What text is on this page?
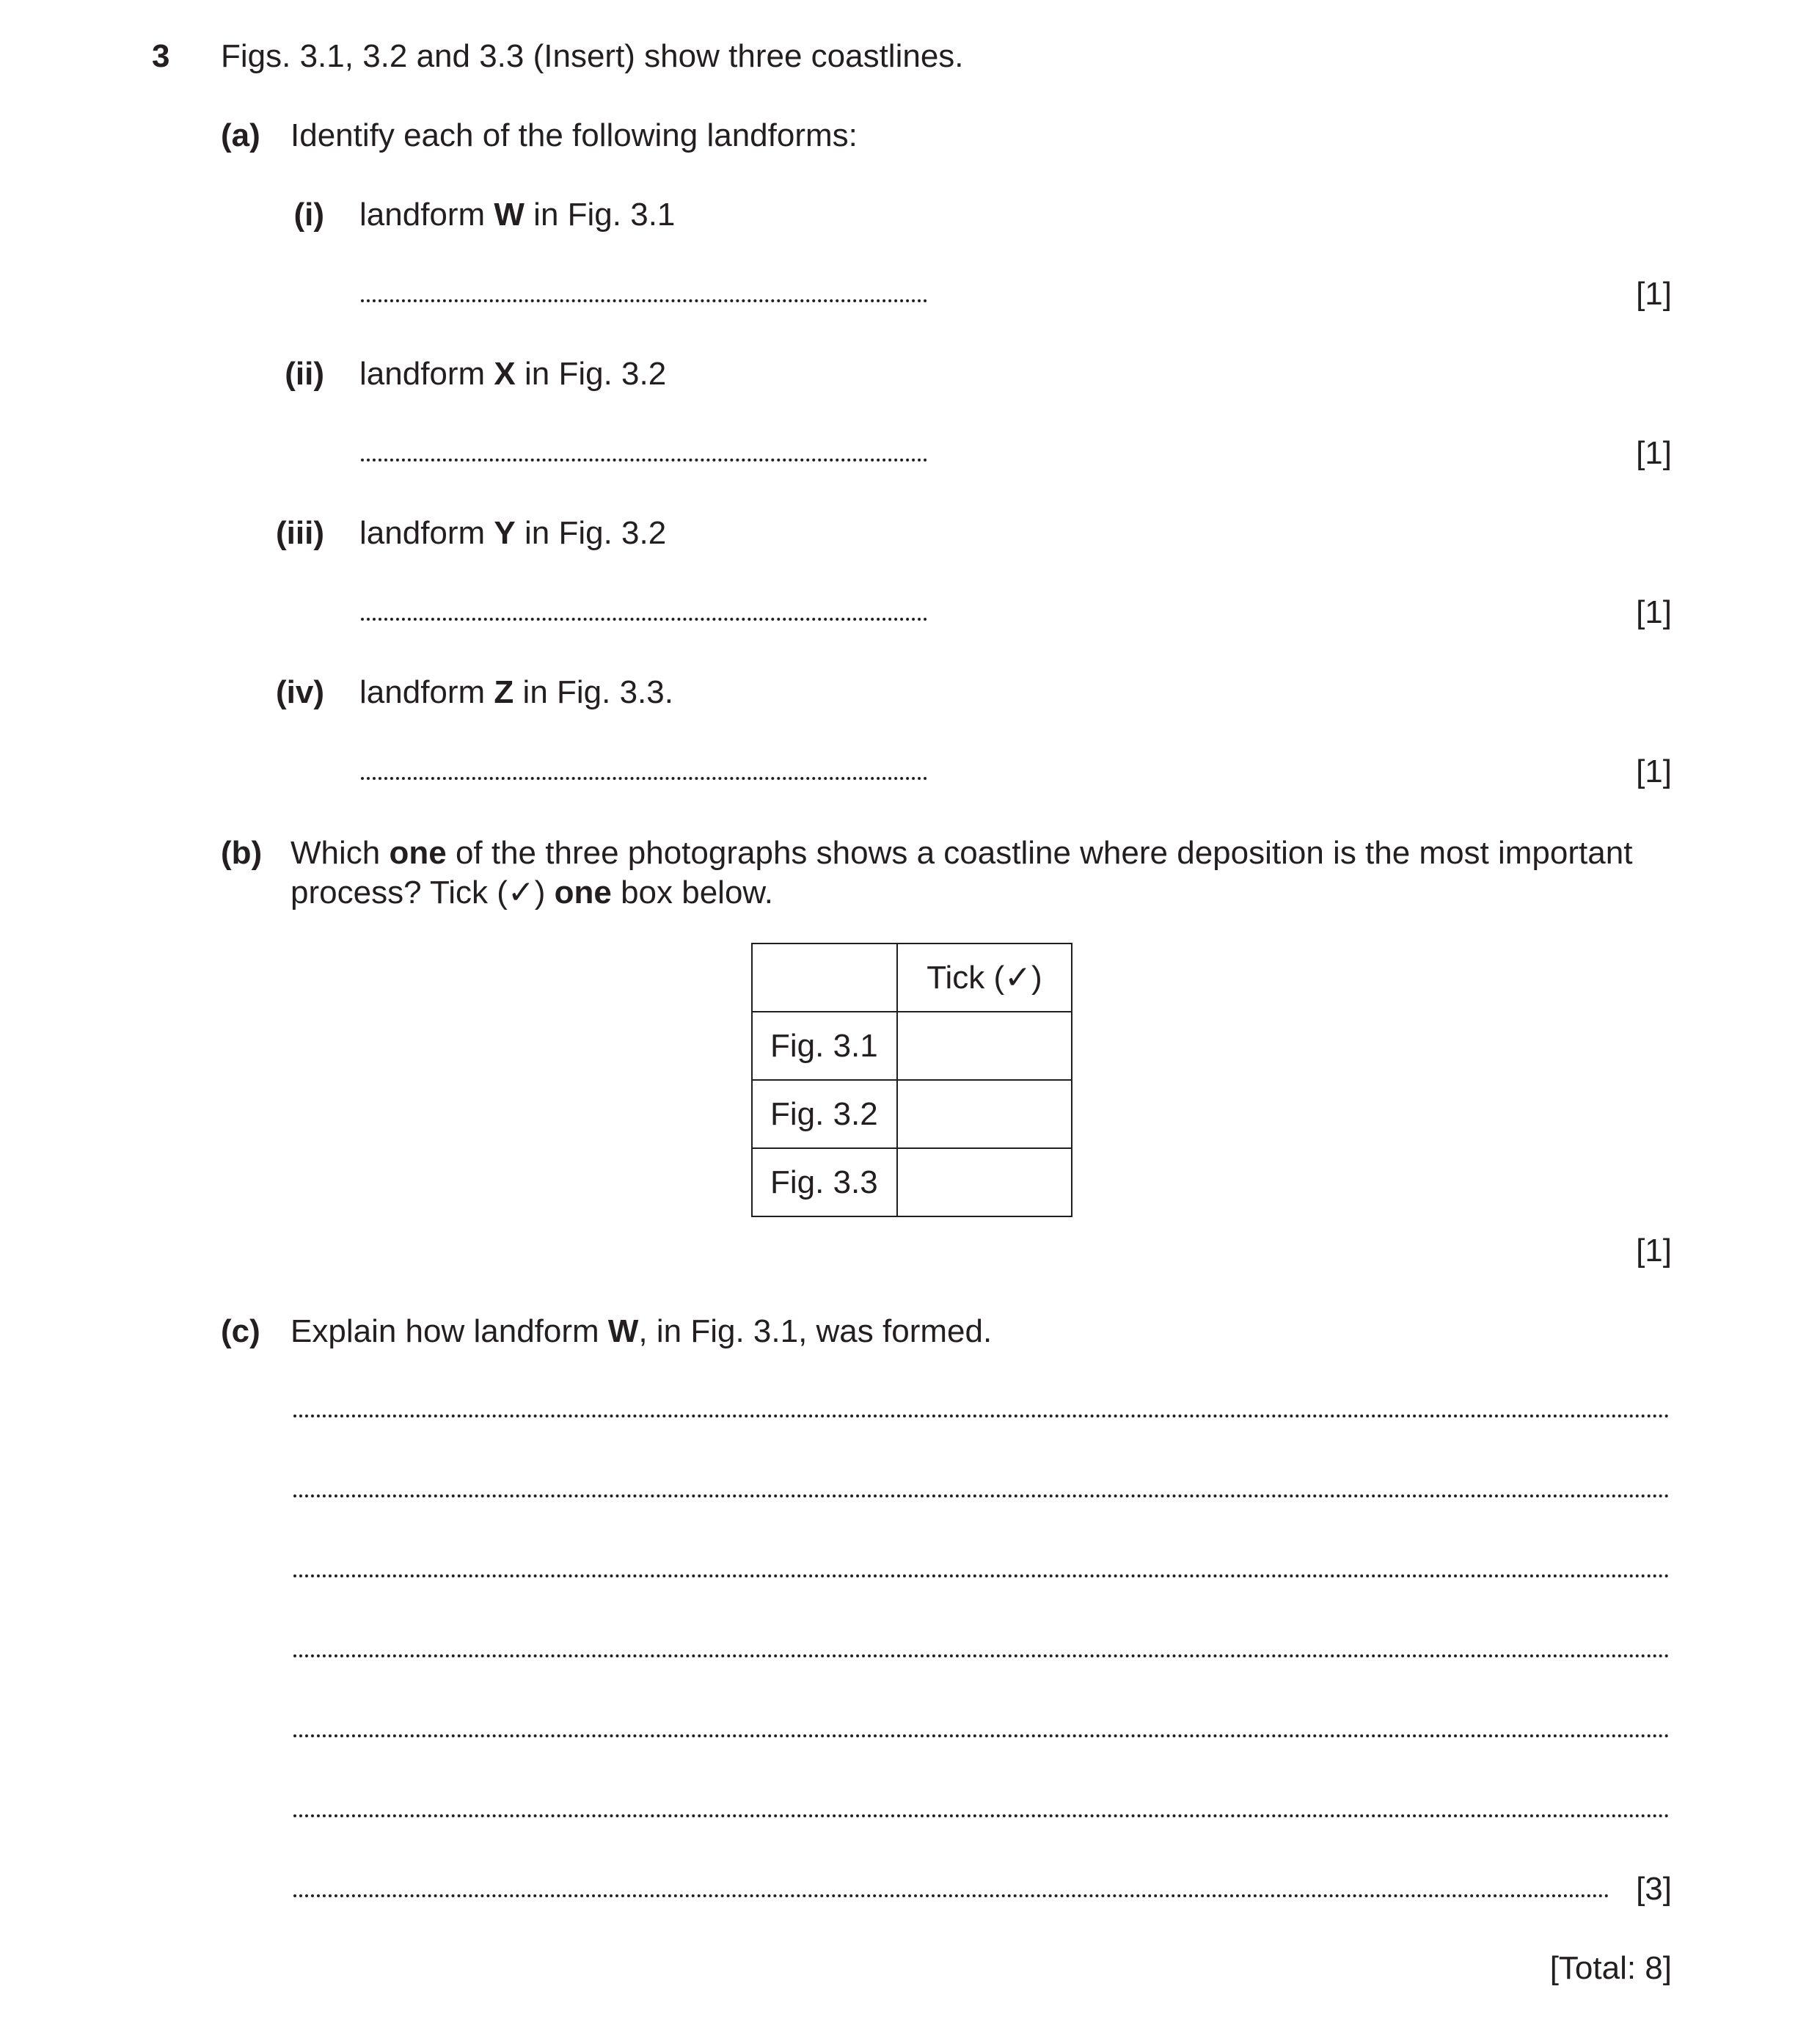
3 Figs. 3.1, 3.2 and 3.3 (Insert) show three coastlines.
(a) Identify each of the following landforms:
(i) landform W in Fig. 3.1
[1]
(ii) landform X in Fig. 3.2
[1]
(iii) landform Y in Fig. 3.2
[1]
(iv) landform Z in Fig. 3.3.
[1]
(b) Which one of the three photographs shows a coastline where deposition is the most important
process? Tick (✓) one box below.
	Tick (✓)
Fig. 3.1	
Fig. 3.2	
Fig. 3.3	
[1]
(c) Explain how landform W, in Fig. 3.1, was formed.
[3]
[Total: 8]
